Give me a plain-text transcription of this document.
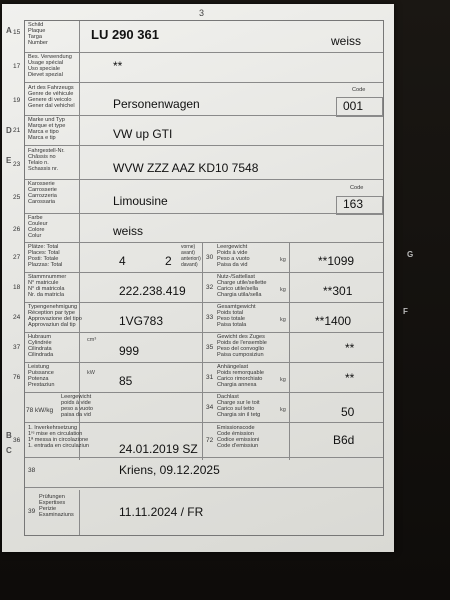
3
A
D
E
B
C
15
Schild
Plaque
Targa
Number
LU 290 361	weiss
17
Bes. Verwendung
Usage spécial
Uso speciale
Dievet spezial
**
19
Art des Fahrzeugs
Genre de véhicule
Genere di veicolo
Gener dal vehichel	Personenwagen
Code
001
21
Marke und Typ
Marque et type
Marca e tipo
Marca e tip	VW up GTI
23
Fahrgestell-Nr.
Châssis no
Telaio n.
Schassis nr.	WVW ZZZ AAZ KD10 7548
25
Karosserie
Carrosserie
Carrozzeria
Carossaria	Limousine
Code
163
26
Farbe
Couleur
Colore
Colur	weiss
27
Plätze: Total
Places: Total
Posti: Totale
Plazzas: Total	4	2
vorne)
avant)
anteriori)
davant)
30
Leergewicht
Poids à vide
Peso a vuoto
Paisa da vid
kg	**1099
18
Stammnummer
N° matricule
N° di matricola
Nr. da matricla	222.238.419	32
Nutz-/Sattellast
Charge utile/sellette
Carico utile/sella
Chargia utila/sella
kg	**301
24
Typengenehmigung
Réception par type
Approvazione del tipo
Approvaziun dal tip	1VG783	33
Gesamtgewicht
Poids total
Peso totale
Paisa totala
kg **1400
37
Hubraum
Cylindrée
Cilindrata
Cilindrada
cm³
999	35
Gewicht des Zuges
Poids de l'ensemble
Peso del convoglio
Paisa cumposiziun	**
76
Leistung
Puissance
Potenza
Prestaziun
kW
85	31
Anhängelast
Poids remorquable
Carico rimorchiato
Chargia annexa
kg	**
78 kW/kg
Leergewicht
poids à vide
peso a vuoto
paisa da vid
34
Dachlast
Charge sur le toit
Carico sul tetto
Chargia sin il tetg
kg	50
36
1. Inverkehrsetzung
1ʳᵉ mise en circulation
1ª messa in circolazione
1. entrada en circulaziun	24.01.2019 SZ
72
Emissionscode
Code émission
Codice emissioni
Code d'emissiun	B6d
38	Kriens, 09.12.2025
39
Prüfungen
Expertises
Perizie
Examinaziuns	11.11.2024 / FR
G
F
